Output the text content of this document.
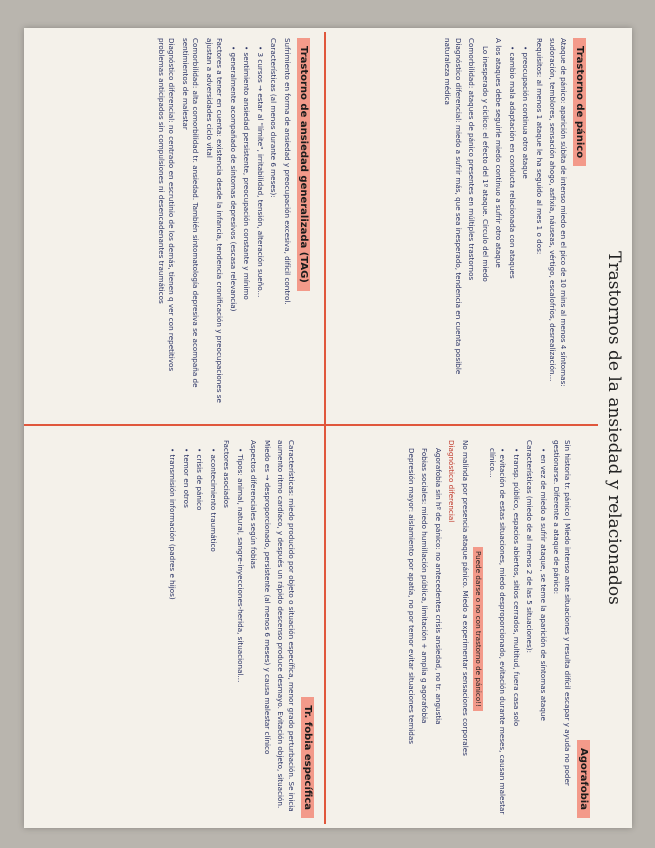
Trastornos de la ansiedad y relacionados
Trastorno de pánico
Ataque de pánico: aparición súbita de intenso miedo en el pico de 10 mins al menos 4 síntomas: sudoración, temblores, sensación ahogo, asfixia, náuseas, vértigo, escalofríos, desrealización...
Requisitos: al menos 1 ataque le ha seguido al mes 1 o dos:
• preocupación continua otro ataque
• cambio mala adaptación en conducta relacionada con ataques
A los ataques debe seguirle miedo continuo a sufrir otro ataque
Lo inesperado y cíclico: el efecto del 1º ataque. Círculo del miedo
Comorbilidad: ataques de pánico presentes en múltiples trastornos
Diagnóstico diferencial: miedo a sufrir más, que sea inesperado, tendencia en cuenta posible naturaleza médica
Agorafobia
Sin historia tr. pánico | Miedo intenso ante situaciones y resulta difícil escapar y ayuda no poder gestionarse. Diferente a ataque de pánico:
• en vez de miedo a sufrir ataque, se teme la aparición de síntomas ataque
Características (miedo de al menos 2 de las 5 situaciones):
• transp. público, espacios abiertos, sitios cerrados, multitud, fuera casa solo
• evitación de estas situaciones, miedo desproporcionado, evitación durante meses, causan malestar clínico...
Puede darse o no con trastorno de pánico!!
No malinda por presencia ataque pánico. Miedo a experimentar sensaciones corporales
Diagnóstico diferencial
Agorafobia sin hº de pánico: no antecedentes crisis ansiedad, no tr. angustia
Fobias sociales: miedo humillación pública, limitación + amplia g agorafobia
Depresión mayor: aislamiento por apatía, no por temor evitar situaciones temidas
Trastorno de ansiedad generalizada (TAG)
Sufrimiento en forma de ansiedad y preocupación excesiva, difícil control.
Características (al menos durante 6 meses):
• 3 cursos → estar al "límite", irritabilidad, tensión, alteración sueño...
• sentimiento ansiedad persistente, preocupación constante y mínimo
• generalmente acompañado de síntomas depresivos (escasa relevancia)
Factores a tener en cuenta: existencia desde la infancia, tendencia cronificación y preocupaciones se ajustan a adversidades ciclo vital
Comorbilidad: alta comorbilidad tr. ansiedad. También sintomatología depresiva se acompaña de sentimientos de malestar
Diagnóstico diferencial: no centrado en escrutinio de los demás, tienen q ver con repetitivos problemas anticipados sin compulsiones ni desencadenantes traumáticos
Tr. fobia específica
Características: miedo producido por objeto o situación específica, menor grado perturbación. Se inicia aumento ritmo cardíaco, y después un rápido descenso produce desmayo. Evitación objeto, situación.
Miedo es → desproporcionado, persistente (al menos 6 meses) y causa malestar clínico
Aspectos diferenciales según fobias
• Tipos: animal, natural, sangre-inyecciones-herida, situacional...
Factores asociados
• acontecimiento traumático
• crisis de pánico
• temor en otros
• transmisión información (padres e hijos)
